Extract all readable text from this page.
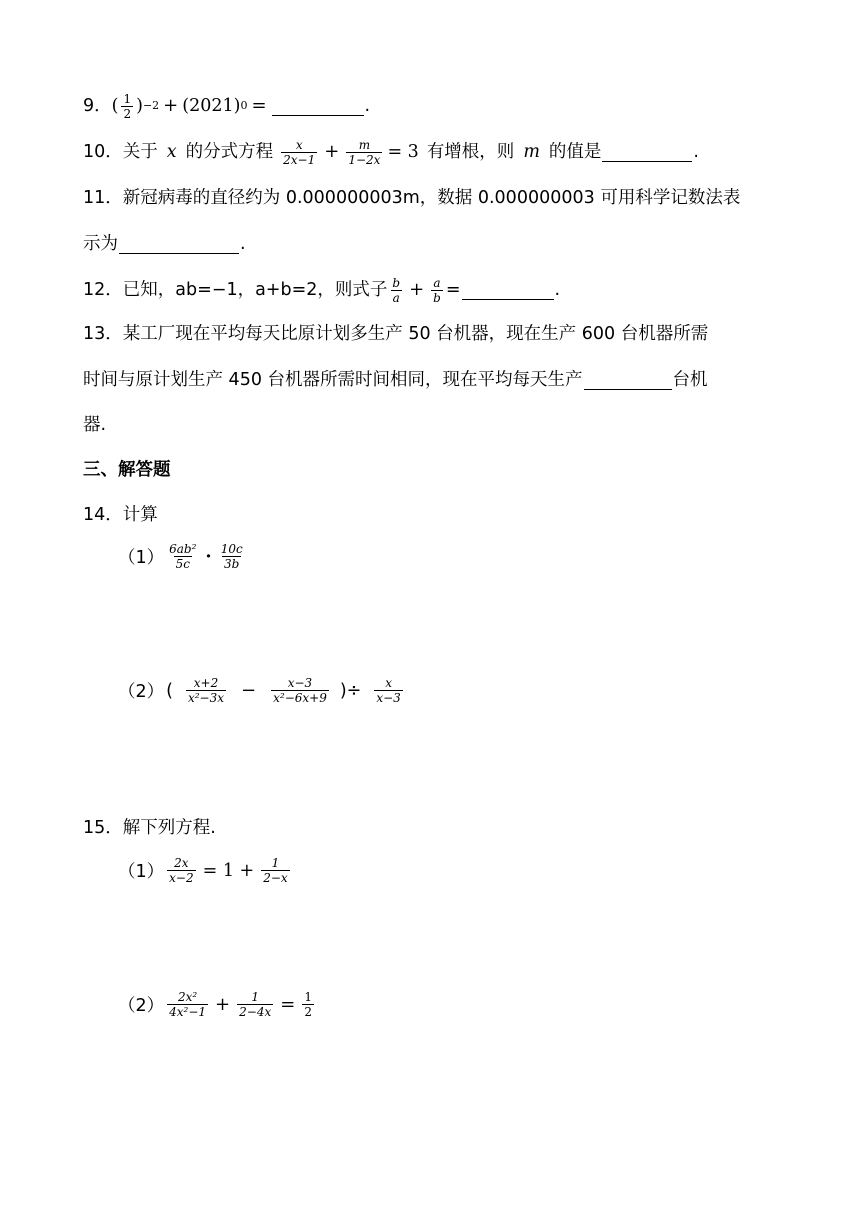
9． ( $\frac{1}{2}$ ) −2 + (2021) 0 =	.
10． 关于 x 的分式方程 $\frac{x}{2x-1} + \frac{m}{1-2x} = 3$ 有增根，则 m 的值是	.
11． 新冠病毒的直径约为 0.000000003m，数据 0.000000003 可用科学记数法表
示为	.
12． 已知，ab=−1，a+b=2，则式子 $\frac{b}{a} + \frac{a}{b}$ =	.
13． 某工厂现在平均每天比原计划多生产 50 台机器，现在生产 600 台机器所需
时间与原计划生产 450 台机器所需时间相同，现在平均每天生产	台机
器.
三、解答题
14． 计算
$(1) \frac{\text{6ab²}}{5c} \cdot \frac{10c}{3b}$
（2） ( $\frac{x+2}{\text{x²−3x}} - \frac{x-3}{\text{x²−6x+9}}$ )÷ $\frac{x}{x-3}$
15． 解下列方程.
$(1) \frac{2x}{x-2} = 1 + \frac{1}{2-x}$
$(2) \frac{\text{2x²}}{\text{4x²−1}} + \frac{1}{2-4x} = \frac{1}{2}$
